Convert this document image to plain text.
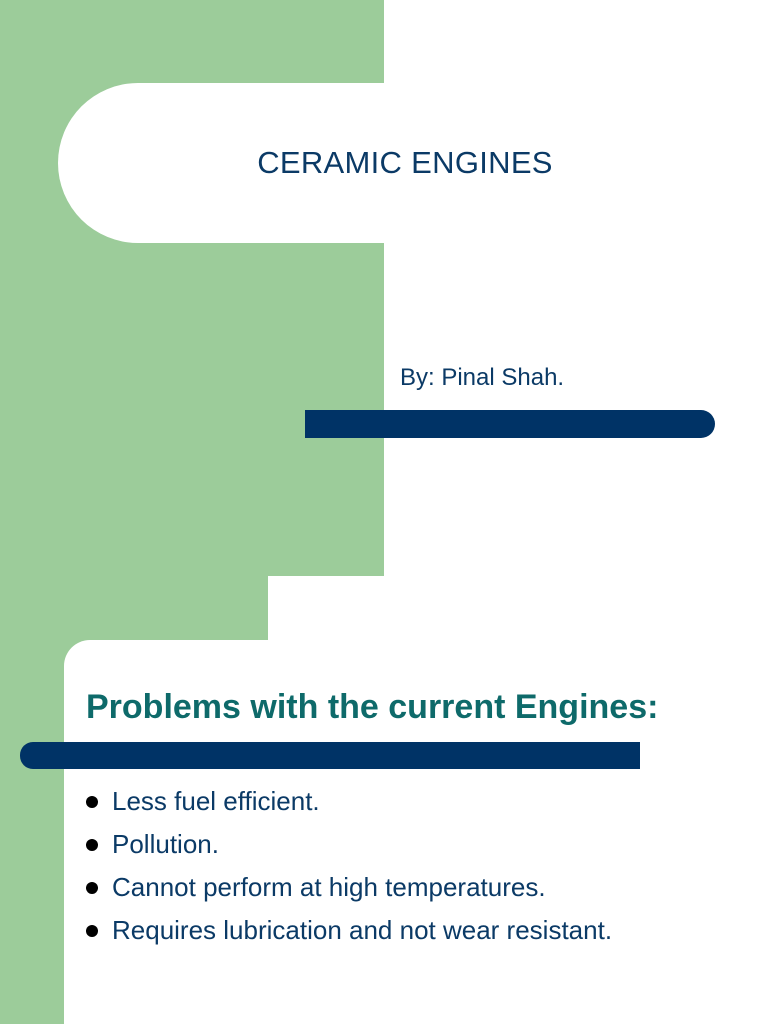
CERAMIC ENGINES

By: Pinal Shah.

Problems with the current Engines:
Less fuel efficient.
Pollution.
Cannot perform at high temperatures.
Requires lubrication and not wear resistant.
